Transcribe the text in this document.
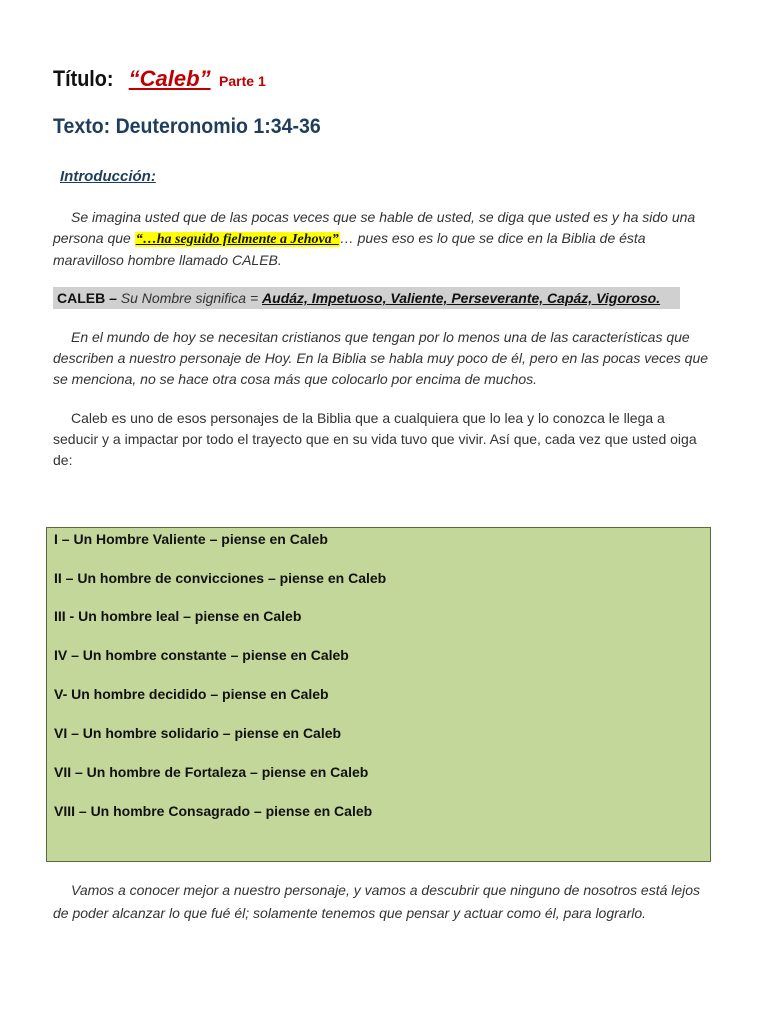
Título: “Caleb” Parte 1
Texto: Deuteronomio 1:34-36
Introducción:
Se imagina usted que de las pocas veces que se hable de usted, se diga que usted es y ha sido una persona que “…ha seguido fielmente a Jehova”… pues eso es lo que se dice en la Biblia de ésta maravilloso hombre llamado CALEB.
CALEB – Su Nombre significa = Audáz, Impetuoso, Valiente, Perseverante, Capáz, Vigoroso.
En el mundo de hoy se necesitan cristianos que tengan por lo menos una de las características que describen a nuestro personaje de Hoy. En la Biblia se habla muy poco de él, pero en las pocas veces que se menciona, no se hace otra cosa más que colocarlo por encima de muchos.
Caleb es uno de esos personajes de la Biblia que a cualquiera que lo lea y lo conozca le llega a seducir y a impactar por todo el trayecto que en su vida tuvo que vivir. Así que, cada vez que usted oiga de:
I – Un Hombre Valiente – piense en Caleb
II – Un hombre de convicciones – piense en Caleb
III - Un hombre leal – piense en Caleb
IV – Un hombre constante – piense en Caleb
V- Un hombre decidido – piense en Caleb
VI – Un hombre solidario – piense en Caleb
VII – Un hombre de Fortaleza – piense en Caleb
VIII – Un hombre Consagrado – piense en Caleb
Vamos a conocer mejor a nuestro personaje, y vamos a descubrir que ninguno de nosotros está lejos de poder alcanzar lo que fué él; solamente tenemos que pensar y actuar como él, para lograrlo.
